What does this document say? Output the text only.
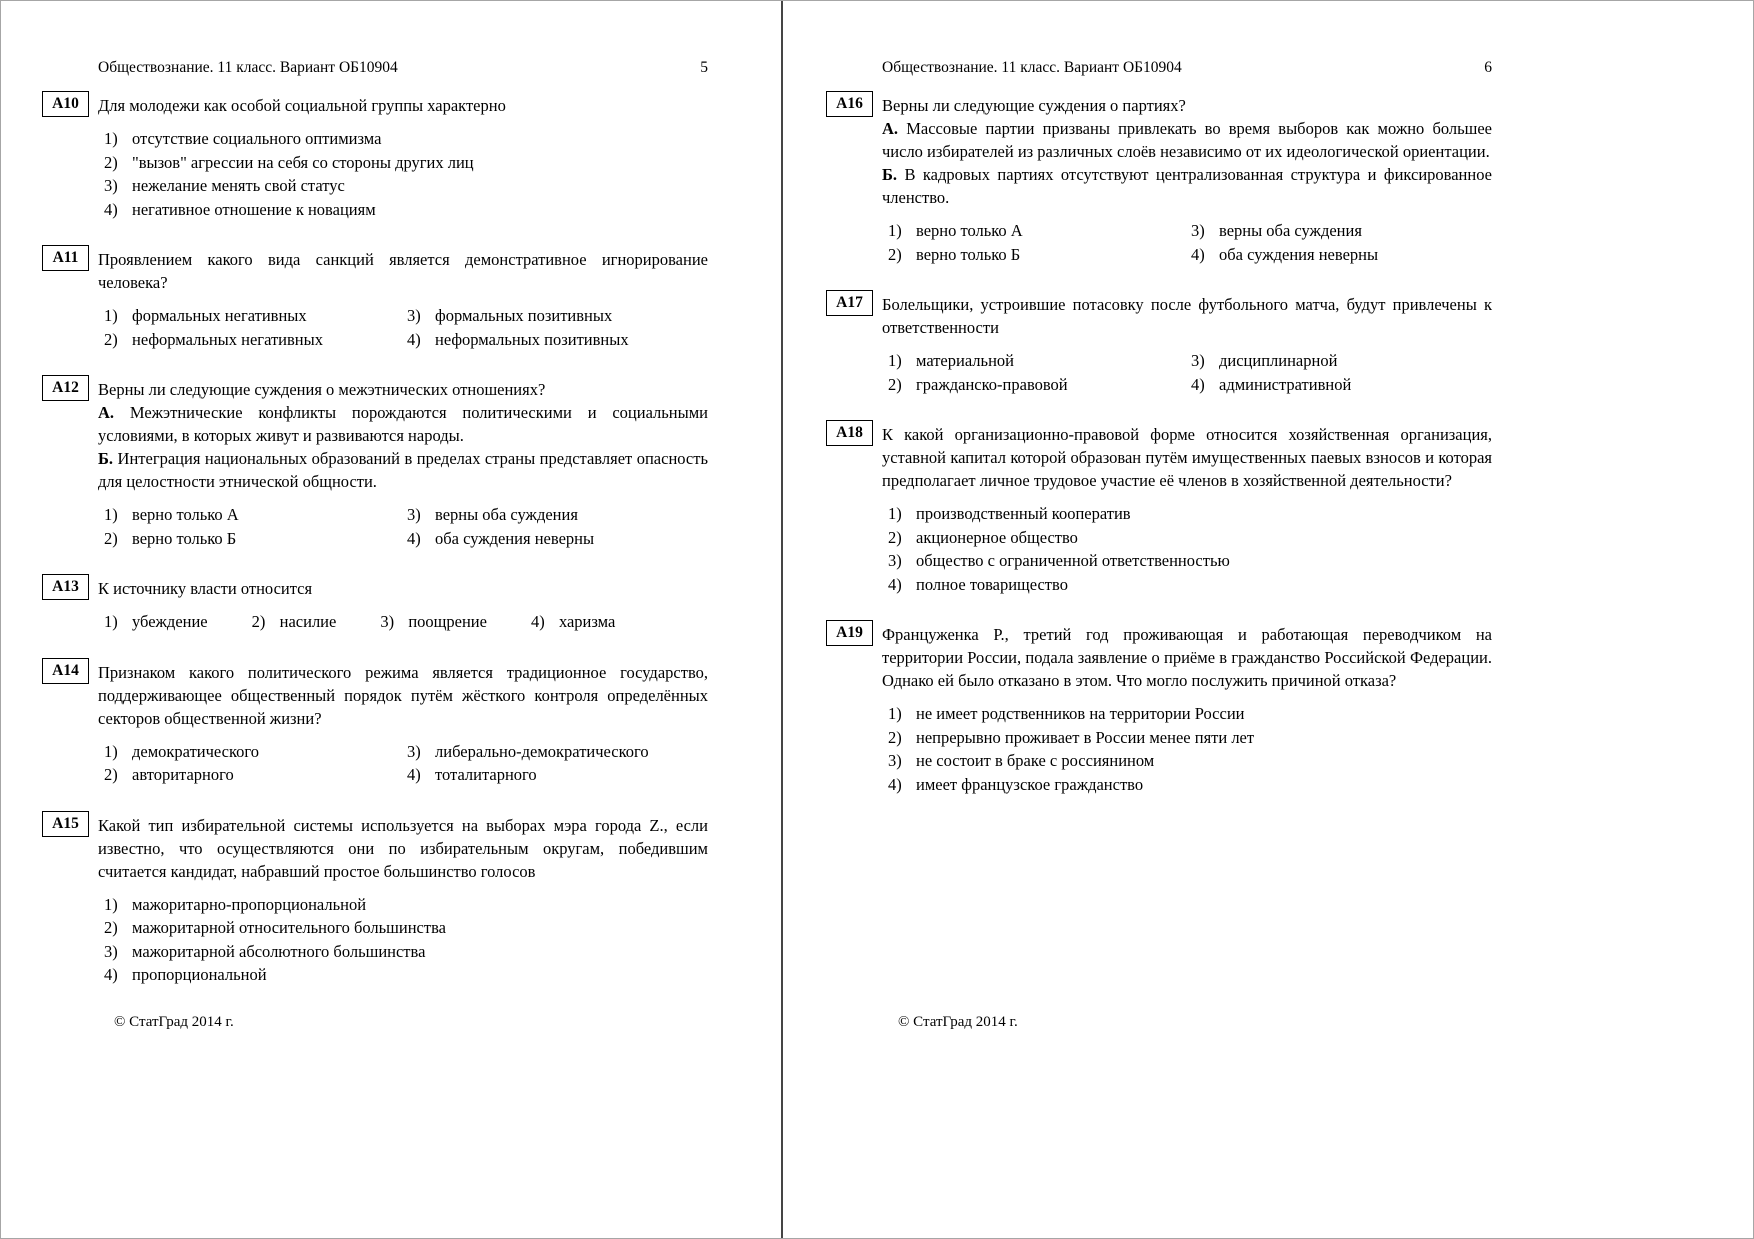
Обществознание. 11 класс. Вариант ОБ10904	5
А10	Для молодежи как особой социальной группы характерно

1) отсутствие социального оптимизма
2) "вызов" агрессии на себя со стороны других лиц
3) нежелание менять свой статус
4) негативное отношение к новациям
А11	Проявлением какого вида санкций является демонстративное игнорирование человека?

1) формальных негативных
2) неформальных негативных
3) формальных позитивных
4) неформальных позитивных
А12	Верны ли следующие суждения о межэтнических отношениях?

А. Межэтнические конфликты порождаются политическими и социальными условиями, в которых живут и развиваются народы.

Б. Интеграция национальных образований в пределах страны представляет опасность для целостности этнической общности.

1) верно только А
2) верно только Б
3) верны оба суждения
4) оба суждения неверны
А13	К источнику власти относится

1) убеждение	2) насилие	3) поощрение	4) харизма
А14	Признаком какого политического режима является традиционное государство, поддерживающее общественный порядок путём жёсткого контроля определённых секторов общественной жизни?

1) демократического
2) авторитарного
3) либерально-демократического
4) тоталитарного
А15	Какой тип избирательной системы используется на выборах мэра города Z., если известно, что осуществляются они по избирательным округам, победившим считается кандидат, набравший простое большинство голосов

1) мажоритарно-пропорциональной
2) мажоритарной относительного большинства
3) мажоритарной абсолютного большинства
4) пропорциональной
© СтатГрад 2014 г.
Обществознание. 11 класс. Вариант ОБ10904	6
А16	Верны ли следующие суждения о партиях?

А. Массовые партии призваны привлекать во время выборов как можно большее число избирателей из различных слоёв независимо от их идеологической ориентации.

Б. В кадровых партиях отсутствуют централизованная структура и фиксированное членство.

1) верно только А
2) верно только Б
3) верны оба суждения
4) оба суждения неверны
А17	Болельщики, устроившие потасовку после футбольного матча, будут привлечены к ответственности

1) материальной
2) гражданско-правовой
3) дисциплинарной
4) административной
А18	К какой организационно-правовой форме относится хозяйственная организация, уставной капитал которой образован путём имущественных паевых взносов и которая предполагает личное трудовое участие её членов в хозяйственной деятельности?

1) производственный кооператив
2) акционерное общество
3) общество с ограниченной ответственностью
4) полное товарищество
А19	Француженка Р., третий год проживающая и работающая переводчиком на территории России, подала заявление о приёме в гражданство Российской Федерации. Однако ей было отказано в этом. Что могло послужить причиной отказа?

1) не имеет родственников на территории России
2) непрерывно проживает в России менее пяти лет
3) не состоит в браке с россиянином
4) имеет французское гражданство
© СтатГрад 2014 г.
